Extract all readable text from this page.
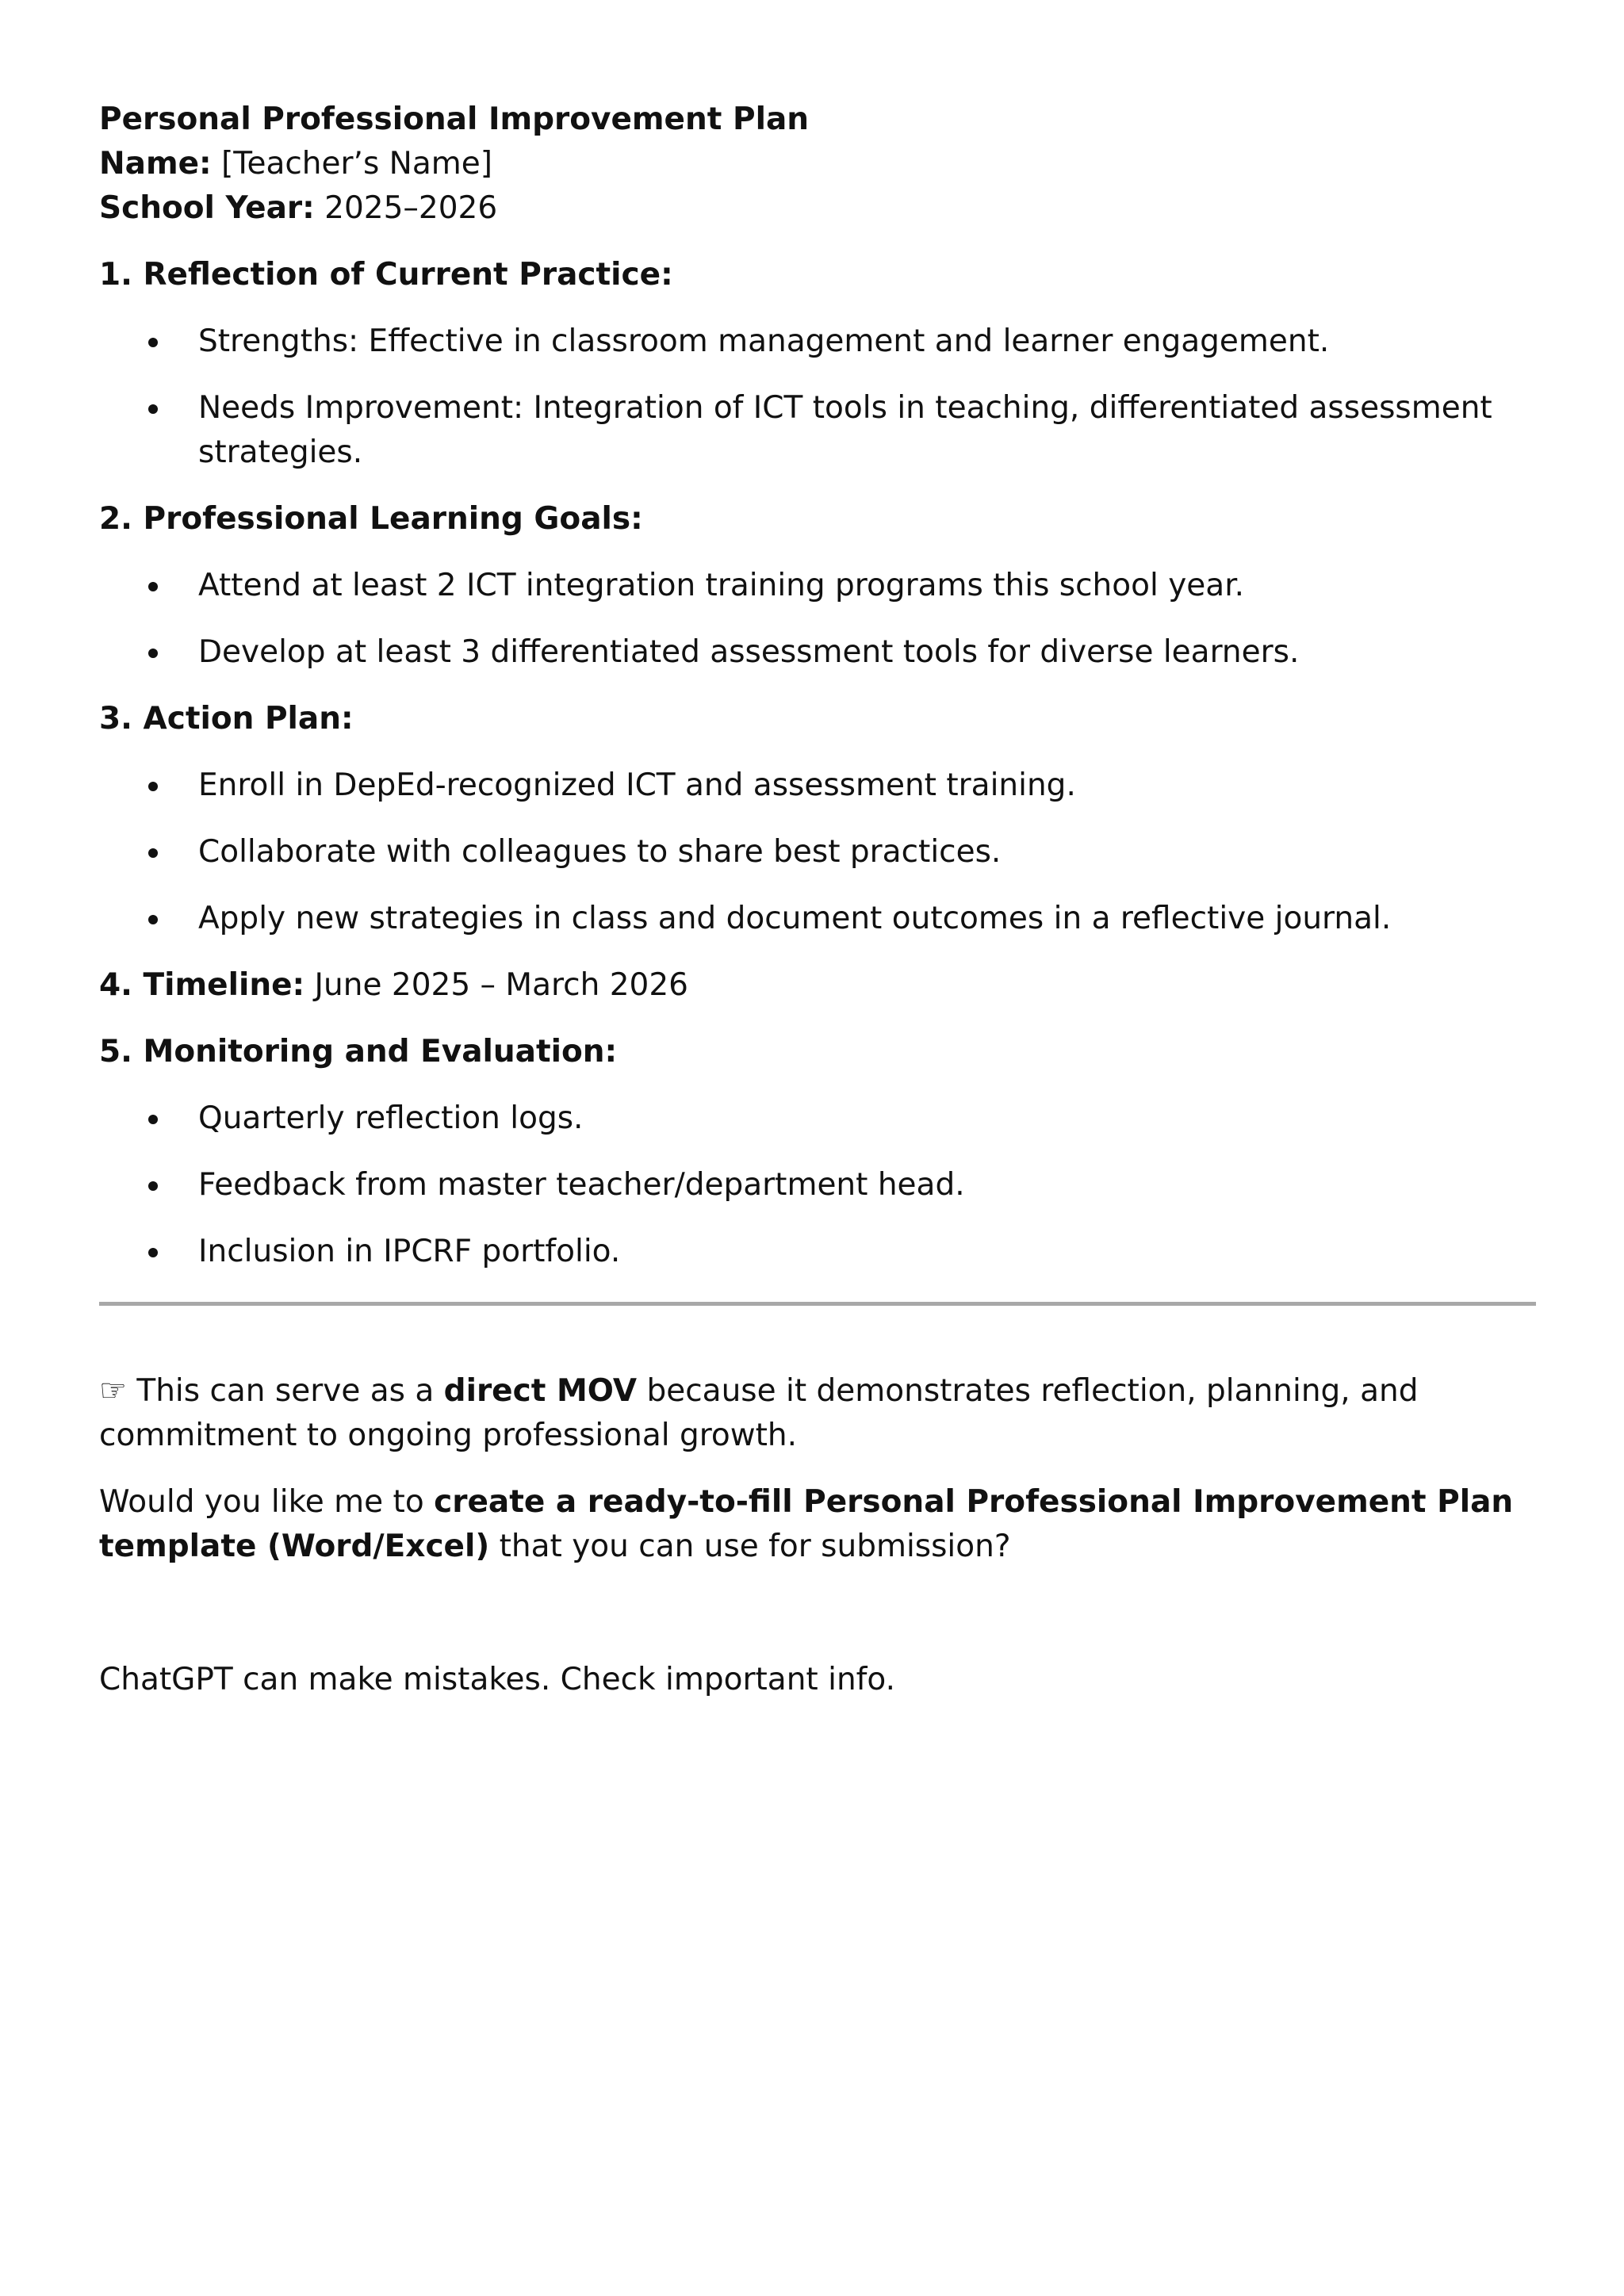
Personal Professional Improvement Plan

Name: [Teacher’s Name]

School Year: 2025–2026

1. Reflection of Current Practice:

Strengths: Effective in classroom management and learner engagement.
Needs Improvement: Integration of ICT tools in teaching, differentiated assessment strategies.

2. Professional Learning Goals:

Attend at least 2 ICT integration training programs this school year.
Develop at least 3 differentiated assessment tools for diverse learners.

3. Action Plan:

Enroll in DepEd-recognized ICT and assessment training.
Collaborate with colleagues to share best practices.
Apply new strategies in class and document outcomes in a reflective journal.

4. Timeline: June 2025 – March 2026

5. Monitoring and Evaluation:

Quarterly reflection logs.
Feedback from master teacher/department head.
Inclusion in IPCRF portfolio.

☞ This can serve as a direct MOV because it demonstrates reflection, planning, and commitment to ongoing professional growth.

Would you like me to create a ready-to-fill Personal Professional Improvement Plan template (Word/Excel) that you can use for submission?

ChatGPT can make mistakes. Check important info.
